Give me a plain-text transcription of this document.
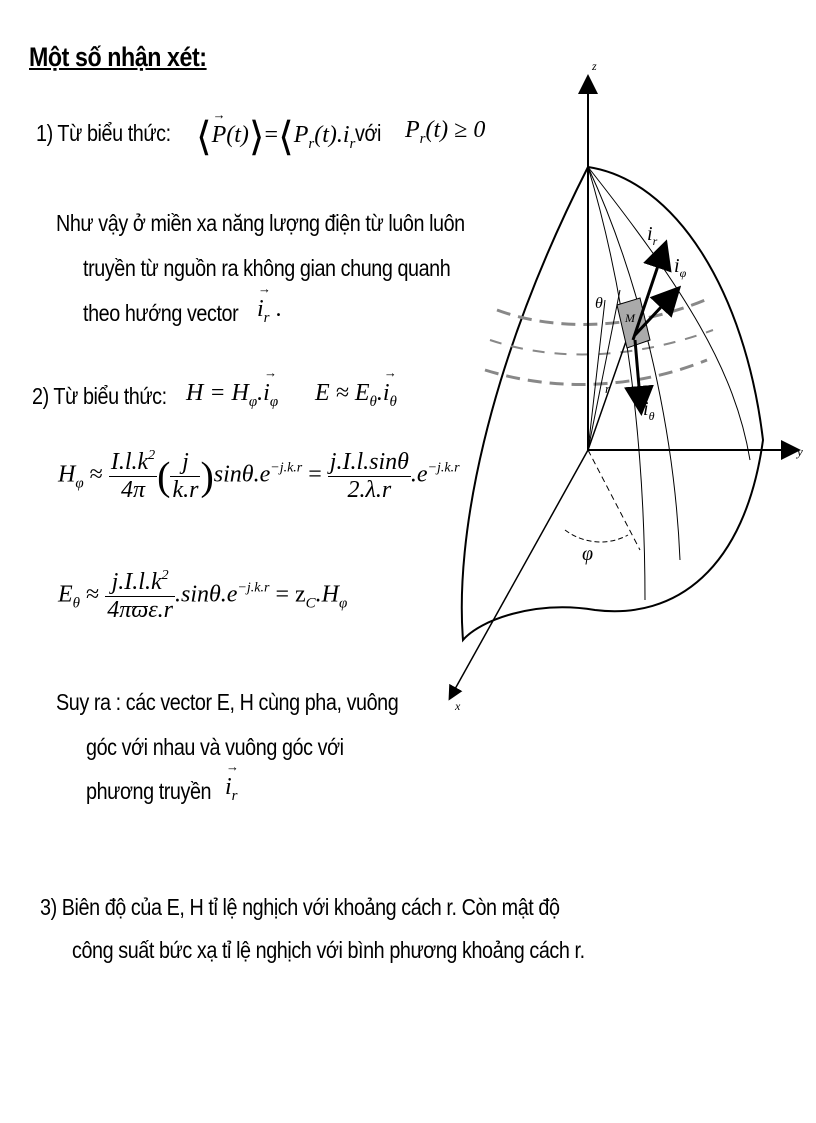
Một số nhận xét:
1) Từ biểu thức: ⟨→ $P(t)⟩=⟨P_r(t).i_r$ với $P_r(t) \ge 0$
Như vậy ở miền xa năng lượng điện từ luôn luôn
truyền từ nguồn ra không gian chung quanh
theo hướng vector → $i_r$ .
2) Từ biểu thức: $H = H_\varphi.\to i_\varphi$ $E \approx E_\theta.\to i_\theta$
$H_\varphi \approx \frac{I.l.k^2}{4\pi}$ ( $\frac{j}{k.r} )\sin\theta.e^{-j.k.r} = \frac{j.I.l.\sin\theta}{2.\lambda.r} .e^{-j.k.r}$
$E_\theta \approx \frac{j.I.l.k^2}{\text{4πϖε.r}} .\sin\theta.e^{-j.k.r} = z_C.H_\varphi$
Suy ra : các vector E, H cùng pha, vuông
góc với nhau và vuông góc với
phương truyền → $i_r$
3) Biên độ của E, H tỉ lệ nghịch với khoảng cách r. Còn mật độ
công suất bức xạ tỉ lệ nghịch với bình phương khoảng cách r.
z
y
x
θ
φ
r
M
$i_r$
$i_\varphi$
$i_\theta$
